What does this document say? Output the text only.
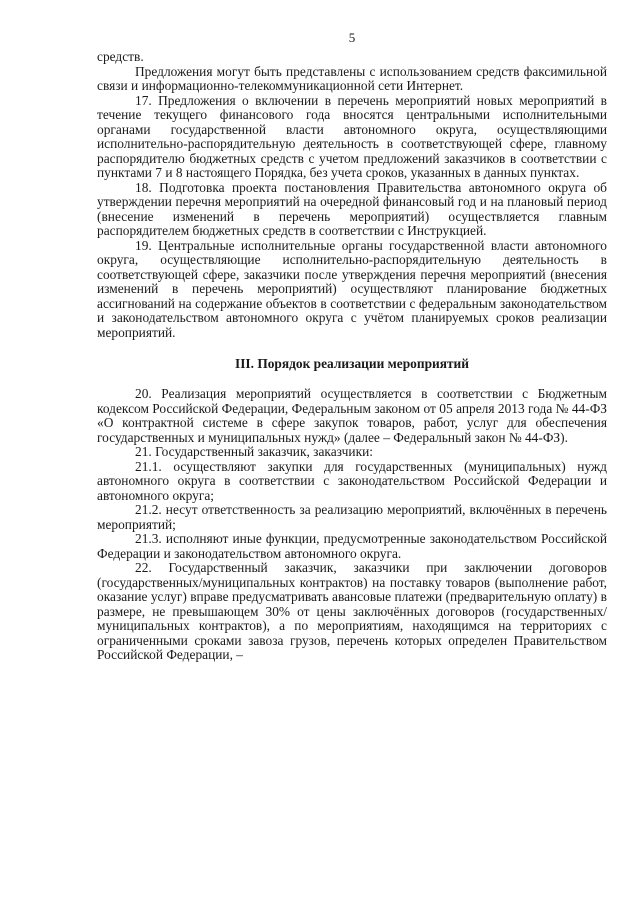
5

средств.

Предложения могут быть представлены с использованием средств факсимильной связи и информационно-телекоммуникационной сети Интернет.

17. Предложения о включении в перечень мероприятий новых мероприятий в течение текущего финансового года вносятся центральными исполнительными органами государственной власти автономного округа, осуществляющими исполнительно-распорядительную деятельность в соответствующей сфере, главному распорядителю бюджетных средств с учетом предложений заказчиков в соответствии с пунктами 7 и 8 настоящего Порядка, без учета сроков, указанных в данных пунктах.

18. Подготовка проекта постановления Правительства автономного округа об утверждении перечня мероприятий на очередной финансовый год и на плановый период (внесение изменений в перечень мероприятий) осуществляется главным распорядителем бюджетных средств в соответствии с Инструкцией.

19. Центральные исполнительные органы государственной власти автономного округа, осуществляющие исполнительно-распорядительную деятельность в соответствующей сфере, заказчики после утверждения перечня мероприятий (внесения изменений в перечень мероприятий) осуществляют планирование бюджетных ассигнований на содержание объектов в соответствии с федеральным законодательством и законодательством автономного округа с учётом планируемых сроков реализации мероприятий.

III. Порядок реализации мероприятий

20. Реализация мероприятий осуществляется в соответствии с Бюджетным кодексом Российской Федерации, Федеральным законом от 05 апреля 2013 года № 44-ФЗ «О контрактной системе в сфере закупок товаров, работ, услуг для обеспечения государственных и муниципальных нужд» (далее – Федеральный закон № 44-ФЗ).

21. Государственный заказчик, заказчики:

21.1. осуществляют закупки для государственных (муниципальных) нужд автономного округа в соответствии с законодательством Российской Федерации и автономного округа;

21.2. несут ответственность за реализацию мероприятий, включённых в перечень мероприятий;

21.3. исполняют иные функции, предусмотренные законодательством Российской Федерации и законодательством автономного округа.

22. Государственный заказчик, заказчики при заключении договоров (государственных/муниципальных контрактов) на поставку товаров (выполнение работ, оказание услуг) вправе предусматривать авансовые платежи (предварительную оплату) в размере, не превышающем 30% от цены заключённых договоров (государственных/муниципальных контрактов), а по мероприятиям, находящимся на территориях с ограниченными сроками завоза грузов, перечень которых определен Правительством Российской Федерации, –
